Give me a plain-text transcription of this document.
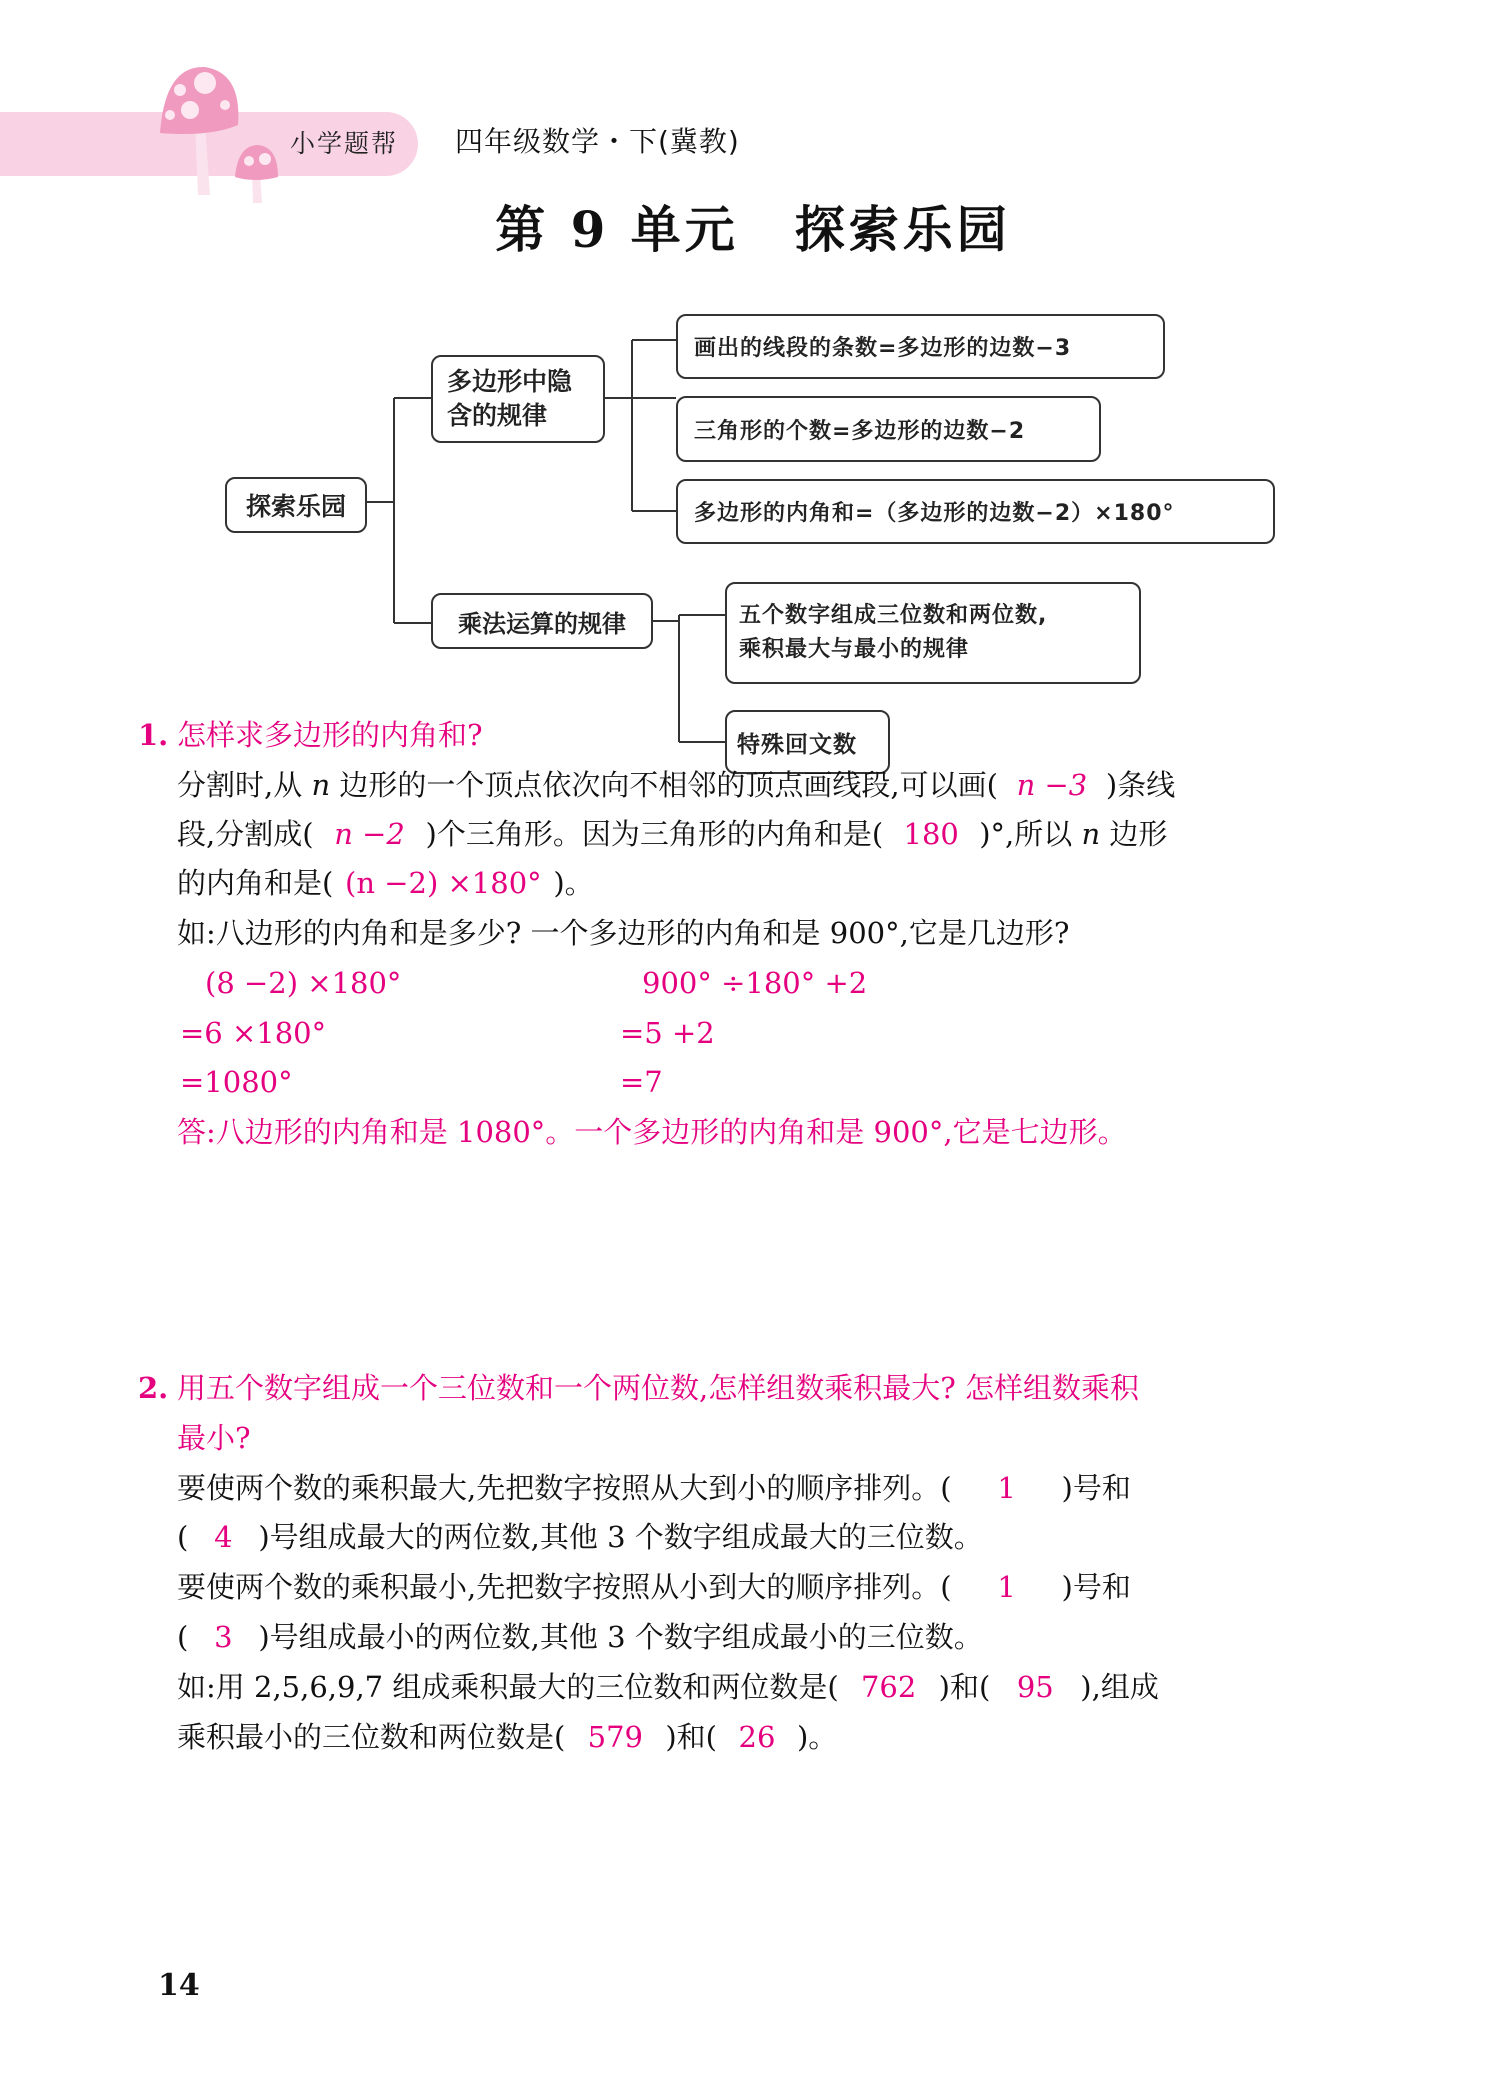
小学题帮 四年级数学・下(冀教)
第 9 单元 探索乐园
探索乐园
多边形中隐
含的规律
乘法运算的规律
画出的线段的条数=多边形的边数−3
三角形的个数=多边形的边数−2
多边形的内角和=（多边形的边数−2）×180°
五个数字组成三位数和两位数,
乘积最大与最小的规律
特殊回文数
1. 怎样求多边形的内角和?
分割时,从 n 边形的一个顶点依次向不相邻的顶点画线段,可以画( n −3 )条线
段,分割成( n −2 )个三角形。因为三角形的内角和是( 180 )°,所以 n 边形
的内角和是( (n −2) ×180° )。
如:八边形的内角和是多少? 一个多边形的内角和是 900°,它是几边形?
(8 −2) ×180°
=6 ×180°
=1080°
900° ÷180° +2
=5 +2
=7
答:八边形的内角和是 1080°。一个多边形的内角和是 900°,它是七边形。
2. 用五个数字组成一个三位数和一个两位数,怎样组数乘积最大? 怎样组数乘积
最小?
要使两个数的乘积最大,先把数字按照从大到小的顺序排列。( 1 )号和
( 4 )号组成最大的两位数,其他 3 个数字组成最大的三位数。
要使两个数的乘积最小,先把数字按照从小到大的顺序排列。( 1 )号和
( 3 )号组成最小的两位数,其他 3 个数字组成最小的三位数。
如:用 2,5,6,9,7 组成乘积最大的三位数和两位数是( 762 )和( 95 ),组成
乘积最小的三位数和两位数是( 579 )和( 26 )。
14
